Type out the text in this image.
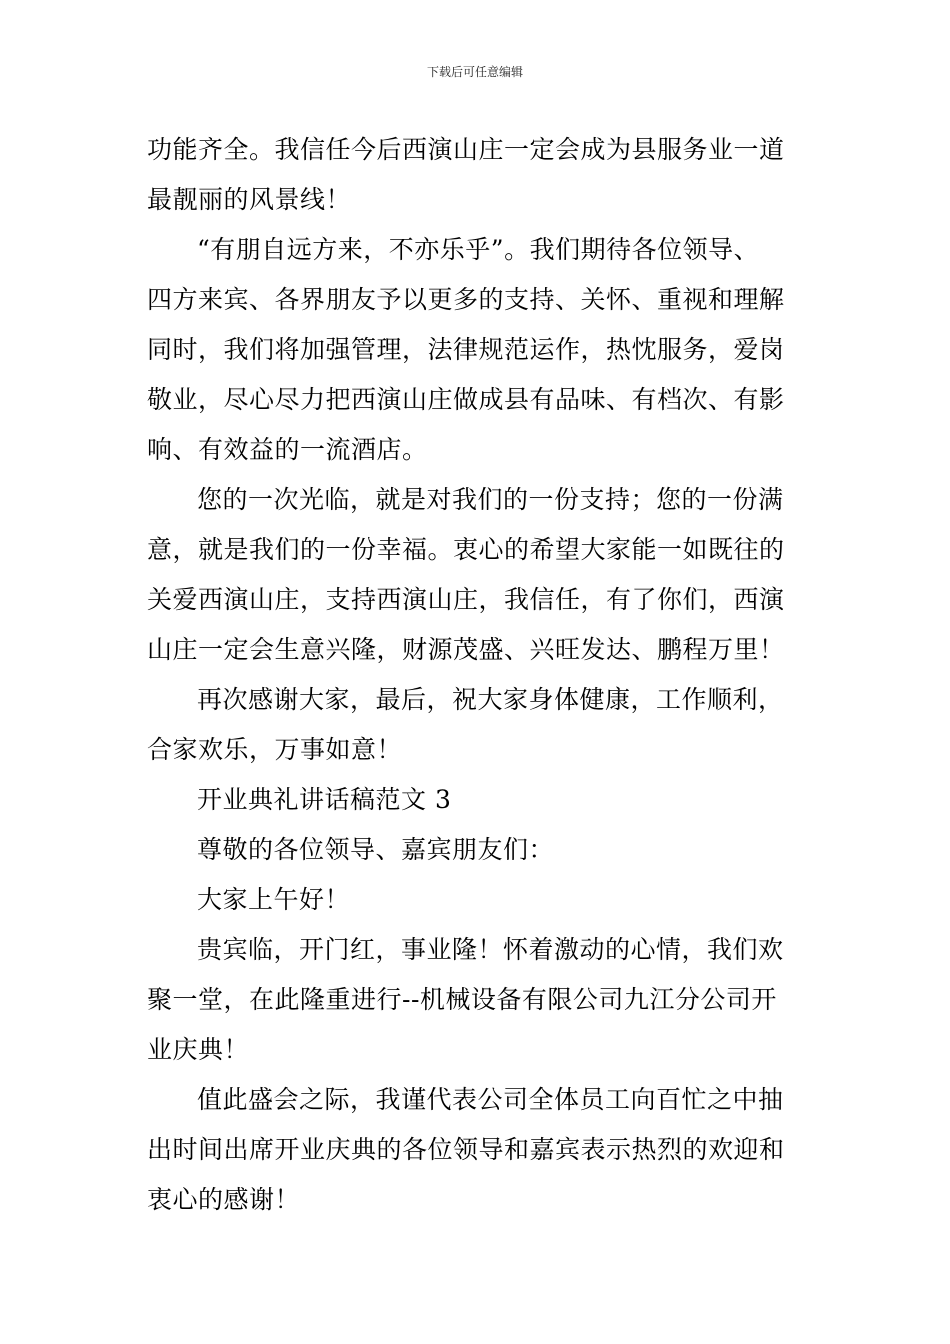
下载后可任意编辑

功能齐全。我信任今后西演山庄一定会成为县服务业一道
最靓丽的风景线！

“有朋自远方来，不亦乐乎”。我们期待各位领导、
四方来宾、各界朋友予以更多的支持、关怀、重视和理解
同时，我们将加强管理，法律规范运作，热忱服务，爱岗
敬业，尽心尽力把西演山庄做成县有品味、有档次、有影
响、有效益的一流酒店。

您的一次光临，就是对我们的一份支持；您的一份满
意，就是我们的一份幸福。衷心的希望大家能一如既往的
关爱西演山庄，支持西演山庄，我信任，有了你们，西演
山庄一定会生意兴隆，财源茂盛、兴旺发达、鹏程万里！

再次感谢大家，最后，祝大家身体健康，工作顺利，
合家欢乐，万事如意！

开业典礼讲话稿范文 3

尊敬的各位领导、嘉宾朋友们：

大家上午好！

贵宾临，开门红，事业隆！怀着激动的心情，我们欢
聚一堂，在此隆重进行--机械设备有限公司九江分公司开
业庆典！

值此盛会之际，我谨代表公司全体员工向百忙之中抽
出时间出席开业庆典的各位领导和嘉宾表示热烈的欢迎和
衷心的感谢！
